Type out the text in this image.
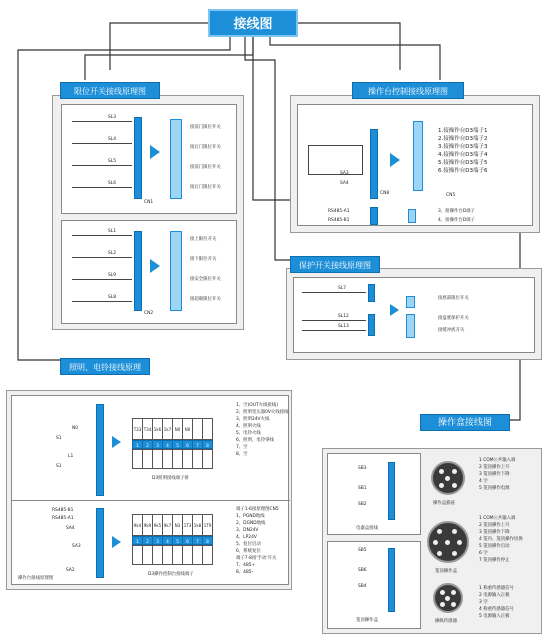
接线图
SL3
SL4
SL5
SL6
CN1
接前门限位开关
接后门限位开关
接前门限位开关
接后门限位开关
SL1
SL2
SL9
SL8
CN2
接上限位开关
接下限位开关
接安全限位开关
接超载限位开关
限位开关接线原理图
SA3
SA4
CN8	CN5
1.接操作台D3端子1
2.接操作台D3端子2
3.接操作台D3端子3
4.接操作台D3端子4
5.接操作台D3端子5
6.接操作台D3端子6
RS485-A1
RS485-B1
3、接操作台D端子
4、接操作台D端子
操作台控制接线原理图
SL7
SL12
SL13
接底部限位开关
接盘底保护开关
接缓冲底开关
保护开关接线原理图
N0
S1
L1
S1
T33 T34 1k6 1k7 N0	N0
1	2	3	4	5	6	7	8
D3照明接线端子排
1、空(OUT火线接线)
2、照明变压器0V火线接线
3、照明24V火线
4、照明火线
5、电铃火线
6、照明、电铃零线
7、空
8、空
RS485-B1
RS485-A1
SA4
SA3
SA2
9k4 9k9 9k5 9k7 N3 1T3 1k8 1T9
1	2	3	4	5	6	7	8
D3操作控制台接线端子
操作台接线原理图
端子1-6接原理图CN5
1、PGND地线
2、DGND地线
3、DN24V
4、LP24V
5、复位启动
6、系统复位
端子7-8接'手动'开关
7、485+
8、485-
照明、电铃接线原理图
SB3
SB1
SB2
电器盒接线
SB5
SB6
SB4
笼顶操作盒
操作盒插座
笼顶操作盒
操纵传感器
1 COM公共输入端
2 笼顶操作上升
3 笼顶操作下降
4 空
5 笼顶操作电源
1 COM公共输入端
2 笼顶操作上升
3 笼顶操作下降
4 笼内、笼顶操作切换
5 笼顶操作启动
6 空
7 笼顶操作停止
1 称重传感器信号
2 电源输入正极
3 空
4 称重传感器信号
5 电源输入正极
操作盒接线图
